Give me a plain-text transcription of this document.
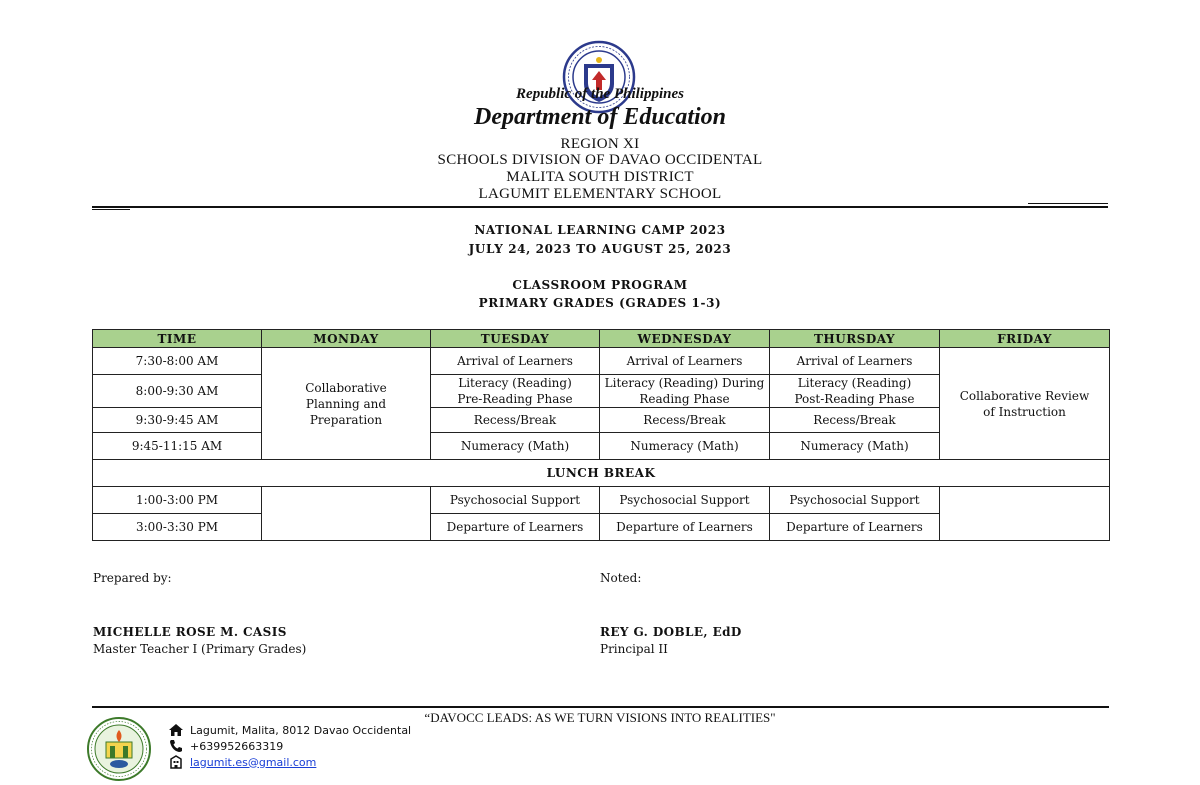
Republic of the Philippines
Department of Education
REGION XI
SCHOOLS DIVISION OF DAVAO OCCIDENTAL
MALITA SOUTH DISTRICT
LAGUMIT ELEMENTARY SCHOOL
NATIONAL LEARNING CAMP 2023
JULY 24, 2023 TO AUGUST 25, 2023
CLASSROOM PROGRAM
PRIMARY GRADES (GRADES 1-3)
TIME	MONDAY	TUESDAY	WEDNESDAY	THURSDAY	FRIDAY
7:30-8:00 AM	Collaborative Planning and Preparation	Arrival of Learners	Arrival of Learners	Arrival of Learners	Collaborative Review of Instruction

8:00-9:30 AM		Literacy (Reading) Pre-Reading Phase	Literacy (Reading) During Reading Phase	Literacy (Reading) Post-Reading Phase	

9:30-9:45 AM		Recess/Break	Recess/Break	Recess/Break	
9:45-11:15 AM		Numeracy (Math)	Numeracy (Math)	Numeracy (Math)	
LUNCH BREAK					
1:00-3:00 PM		Psychosocial Support	Psychosocial Support	Psychosocial Support	
3:00-3:30 PM		Departure of Learners	Departure of Learners	Departure of Learners	
Prepared by:	Noted:
MICHELLE ROSE M. CASIS
Master Teacher I (Primary Grades)
REY G. DOBLE, EdD
Principal II
“DAVOCC LEADS: AS WE TURN VISIONS INTO REALITIES"
Lagumit, Malita, 8012 Davao Occidental
+639952663319
lagumit.es@gmail.com
